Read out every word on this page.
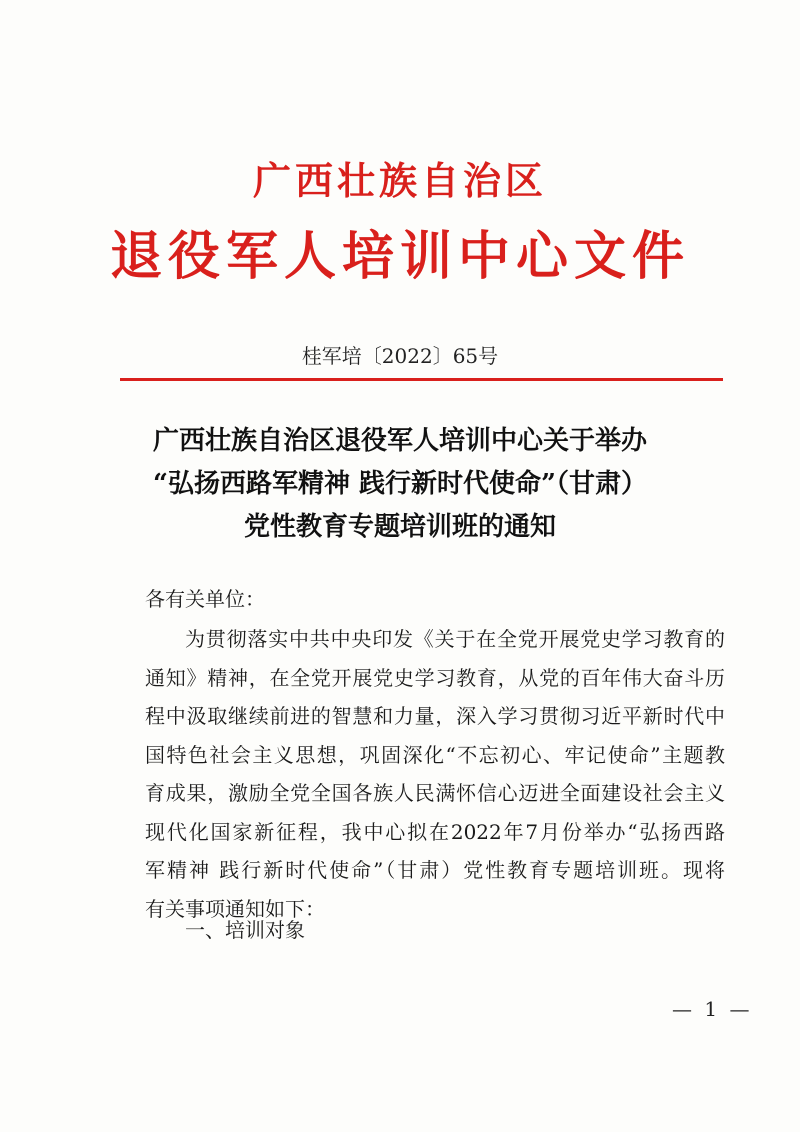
广西壮族自治区
退役军人培训中心文件
桂军培〔2022〕65号
广西壮族自治区退役军人培训中心关于举办
“弘扬西路军精神 践行新时代使命”（甘肃）
党性教育专题培训班的通知
各有关单位：
为贯彻落实中共中央印发《关于在全党开展党史学习教育的
通知》精神，在全党开展党史学习教育，从党的百年伟大奋斗历
程中汲取继续前进的智慧和力量，深入学习贯彻习近平新时代中
国特色社会主义思想，巩固深化“不忘初心、牢记使命”主题教
育成果，激励全党全国各族人民满怀信心迈进全面建设社会主义
现代化国家新征程，我中心拟在2022年7月份举办“弘扬西路
军精神 践行新时代使命”（甘肃）党性教育专题培训班。现将
有关事项通知如下：
一、培训对象
— 1 —
